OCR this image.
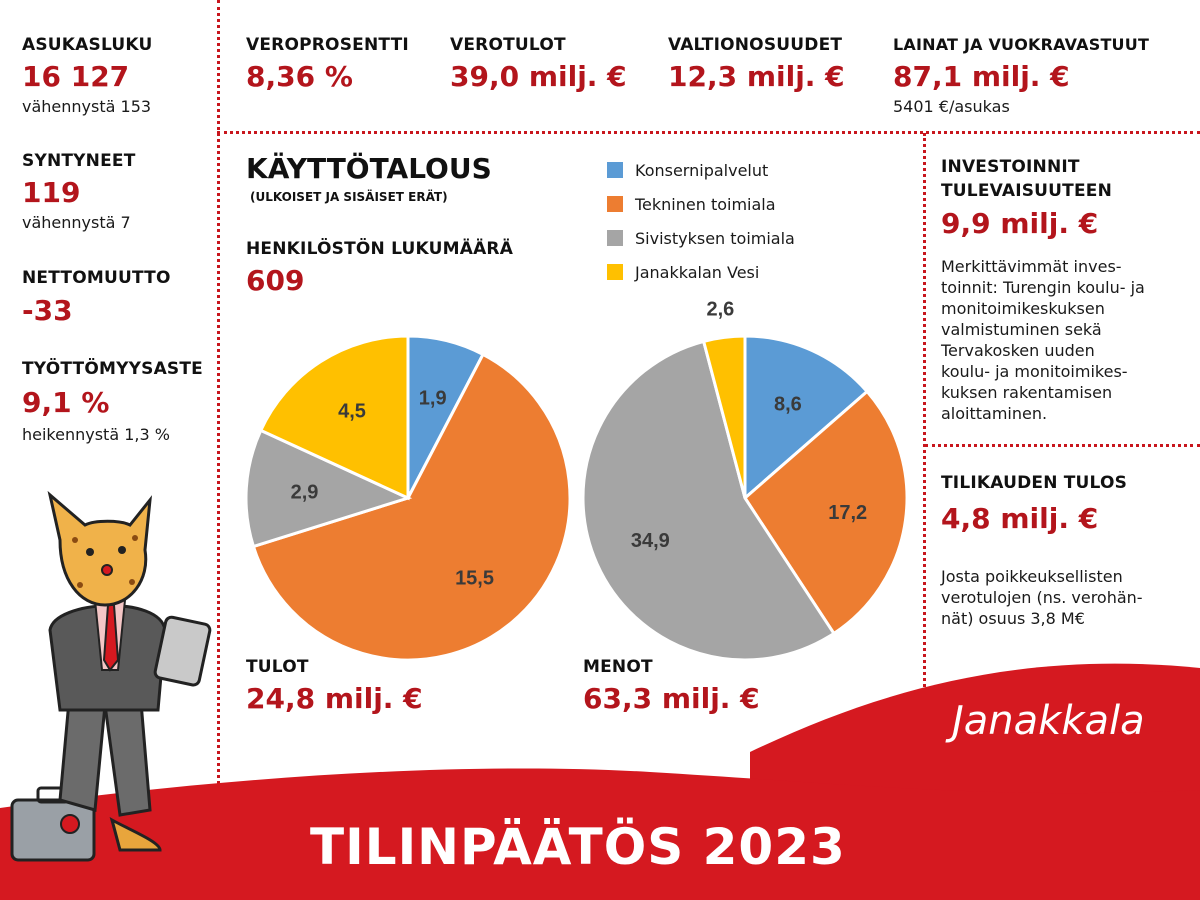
ASUKASLUKU
16 127
vähennystä 153
SYNTYNEET
119
vähennystä 7
NETTOMUUTTO
-33
TYÖTTÖMYYSASTE
9,1 %
heikennystä 1,3 %
VEROPROSENTTI
8,36 %
VEROTULOT
39,0 milj. €
VALTIONOSUUDET
12,3 milj. €
LAINAT JA VUOKRAVASTUUT
87,1 milj. €
5401 €/asukas
KÄYTTÖTALOUS
(ULKOISET JA SISÄISET ERÄT)
HENKILÖSTÖN LUKUMÄÄRÄ
609
Konsernipalvelut
Tekninen toimiala
Sivistyksen toimiala
Janakkalan Vesi
1,9
15,5
2,9
4,5	8,6
17,2
34,9
2,6
TULOT
24,8 milj. €
MENOT
63,3 milj. €
INVESTOINNIT
TULEVAISUUTEEN
9,9 milj. €
Merkittävimmät inves-
toinnit: Turengin koulu- ja
monitoimikeskuksen
valmistuminen sekä
Tervakosken uuden
koulu- ja monitoimikes-
kuksen rakentamisen
aloittaminen.
TILIKAUDEN TULOS
4,8 milj. €
Josta poikkeuksellisten
verotulojen (ns. verohän-
nät) osuus 3,8 M€
Janakkala
TILINPÄÄTÖS 2023
